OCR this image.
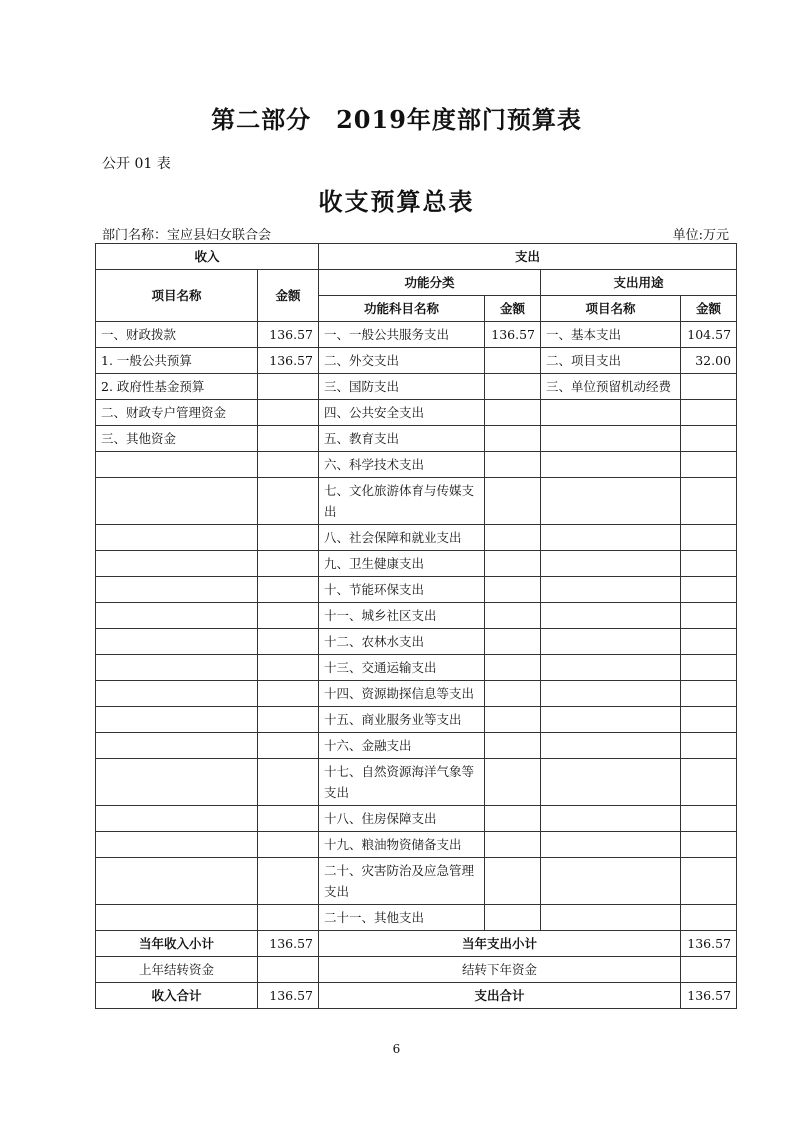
第二部分　2019年度部门预算表
公开 01 表
收支预算总表
部门名称：宝应县妇女联合会	单位:万元
收入		支出			
项目名称	金额	功能分类		支出用途	
		功能科目名称	金额	项目名称	金额
一、财政拨款	136.57	一、一般公共服务支出	136.57	一、基本支出	104.57
1. 一般公共预算	136.57	二、外交支出		二、项目支出	32.00
2. 政府性基金预算		三、国防支出		三、单位预留机动经费	
二、财政专户管理资金		四、公共安全支出			
三、其他资金		五、教育支出			
		六、科学技术支出			
		七、文化旅游体育与传媒支出			
		八、社会保障和就业支出			
		九、卫生健康支出			
		十、节能环保支出			
		十一、城乡社区支出			
		十二、农林水支出			
		十三、交通运输支出			
		十四、资源勘探信息等支出			
		十五、商业服务业等支出			
		十六、金融支出			
		十七、自然资源海洋气象等支出			
		十八、住房保障支出			
		十九、粮油物资储备支出			
		二十、灾害防治及应急管理支出			
		二十一、其他支出			
当年收入小计	136.57	当年支出小计			136.57
上年结转资金		结转下年资金			
收入合计	136.57	支出合计			136.57
6
